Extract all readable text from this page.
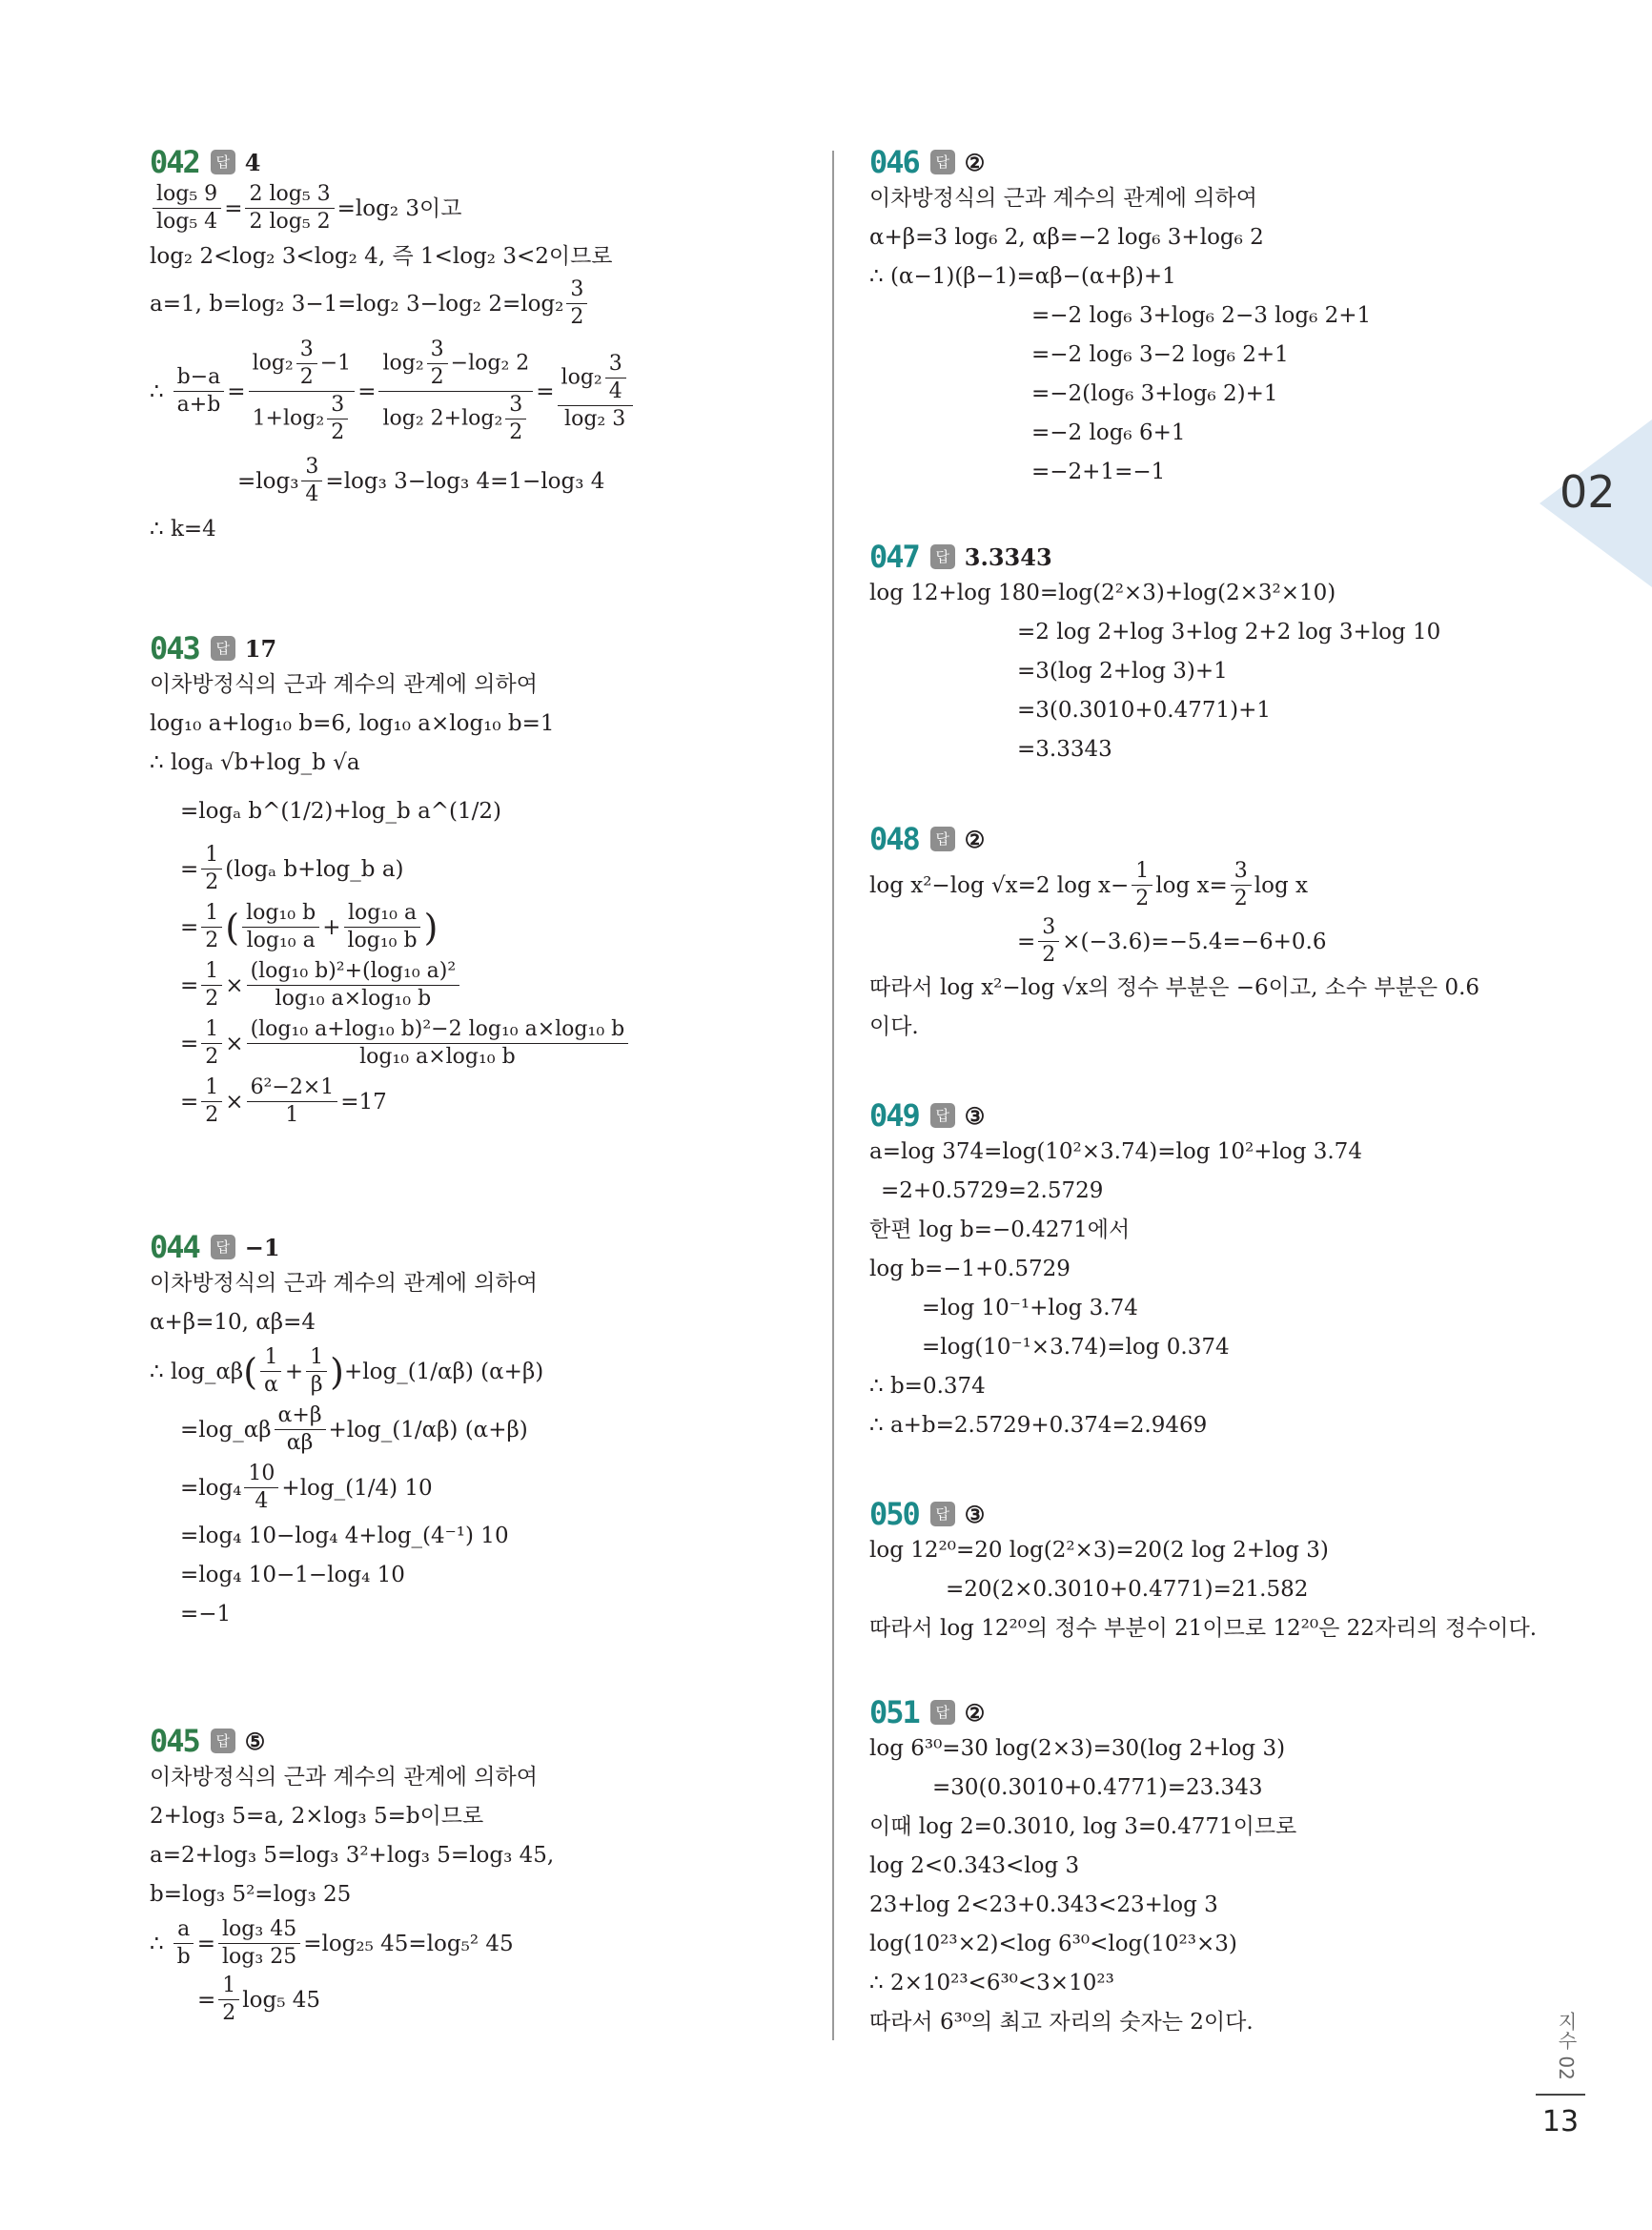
02
지수 02
13
042	답 4
$\frac{\text{log₅ 9}}{\text{log₅ 4}} = \frac{\text{2 log₅ 3}}{\text{2 log₅ 2}} =\log_2$ 3이고
log₂ 2<log₂ 3<log₂ 4, 즉 1<log₂ 3<2이므로
a=1, b=log₂ 3−1=log₂ 3−log₂ $2=\log_2 \frac{3}{2}$
∴ $\frac{b-a}{a+b} = \frac{\log_2 \frac{3}{2} -1}{1+\log_2 \frac{3}{2}} = \frac{\log_2 \frac{3}{2} -\log_2 2}{\log_2 2+\log_2 \frac{3}{2}} = \frac{\log_2 \frac{3}{4}}{\text{log₂ 3}}$
$=\log_3 \frac{3}{4} =\log_3$ 3−log₃ 4=1−log₃ 4
∴ k=4
043	답 17
이차방정식의 근과 계수의 관계에 의하여
log₁₀ a+log₁₀ b=6, log₁₀ a×log₁₀ b=1
∴ logₐ √b+log_b √a
=logₐ b^(1/2)+log_b a^(1/2)
= $\frac{1}{2} (\log_a$ b+log_b a)
= $\frac{1}{2}$ ( $\frac{\text{log₁₀ b}}{\text{log₁₀ a}} + \frac{\text{log₁₀ a}}{\text{log₁₀ b}}$ )
= $\frac{1}{2} \times \frac{\text{(log₁₀ b)²+(log₁₀ a)²}}{\text{log₁₀ a×log₁₀ b}}$
= $\frac{1}{2} \times \frac{\text{(log₁₀ a+log₁₀ b)²−2 log₁₀ a×log₁₀ b}}{\text{log₁₀ a×log₁₀ b}}$
= $\frac{1}{2} \times \frac{\text{6²−2×1}}{1} =17$
044	답 −1
이차방정식의 근과 계수의 관계에 의하여
α+β=10, αβ=4
∴ log_αβ ( $\frac{1}{\alpha} + \frac{1}{\beta}$ ) +log_(1/αβ) (α+β)
=log_αβ $\frac{\alpha+\beta}{\alpha\beta}$ +log_(1/αβ) (α+β)
$=\log_4 \frac{10}{4}$ +log_(1/4) 10
=log₄ 10−log₄ 4+log_(4⁻¹) 10
=log₄ 10−1−log₄ 10
=−1
045	답 ⑤
이차방정식의 근과 계수의 관계에 의하여
2+log₃ 5=a, 2×log₃ 5=b이므로
a=2+log₃ 5=log₃ 3²+log₃ 5=log₃ 45,
b=log₃ 5²=log₃ 25
∴ $\frac{a}{b} = \frac{\text{log₃ 45}}{\text{log₃ 25}} =\log_{25}$ 45=log₅² 45
= $\frac{1}{2} \log_5$ 45
046	답 ②
이차방정식의 근과 계수의 관계에 의하여
α+β=3 log₆ 2, αβ=−2 log₆ 3+log₆ 2
∴ (α−1)(β−1)=αβ−(α+β)+1
=−2 log₆ 3+log₆ 2−3 log₆ 2+1
=−2 log₆ 3−2 log₆ 2+1
=−2(log₆ 3+log₆ 2)+1
=−2 log₆ 6+1
=−2+1=−1
047	답 3.3343
log 12+log 180=log(2²×3)+log(2×3²×10)
=2 log 2+log 3+log 2+2 log 3+log 10
=3(log 2+log 3)+1
=3(0.3010+0.4771)+1
=3.3343
048	답 ②
log x²−log √x=2 $\log x- \frac{1}{2}$ $\log x= \frac{3}{2}$ log x
= $\frac{3}{2} \times(-3.6)=-5.4=-6+0.6$
따라서 log x²−log √x의 정수 부분은 −6이고, 소수 부분은 0.6
이다.
049	답 ③
a=log 374=log(10²×3.74)=log 10²+log 3.74
=2+0.5729=2.5729
한편 log b=−0.4271에서
log b=−1+0.5729
=log 10⁻¹+log 3.74
=log(10⁻¹×3.74)=log 0.374
∴ b=0.374
∴ a+b=2.5729+0.374=2.9469
050	답 ③
log 12²⁰=20 log(2²×3)=20(2 log 2+log 3)
=20(2×0.3010+0.4771)=21.582
따라서 log 12²⁰의 정수 부분이 21이므로 12²⁰은 22자리의 정수이다.
051	답 ②
log 6³⁰=30 log(2×3)=30(log 2+log 3)
=30(0.3010+0.4771)=23.343
이때 log 2=0.3010, log 3=0.4771이므로
log 2<0.343<log 3
23+log 2<23+0.343<23+log 3
log(10²³×2)<log 6³⁰<log(10²³×3)
∴ 2×10²³<6³⁰<3×10²³
따라서 6³⁰의 최고 자리의 숫자는 2이다.
